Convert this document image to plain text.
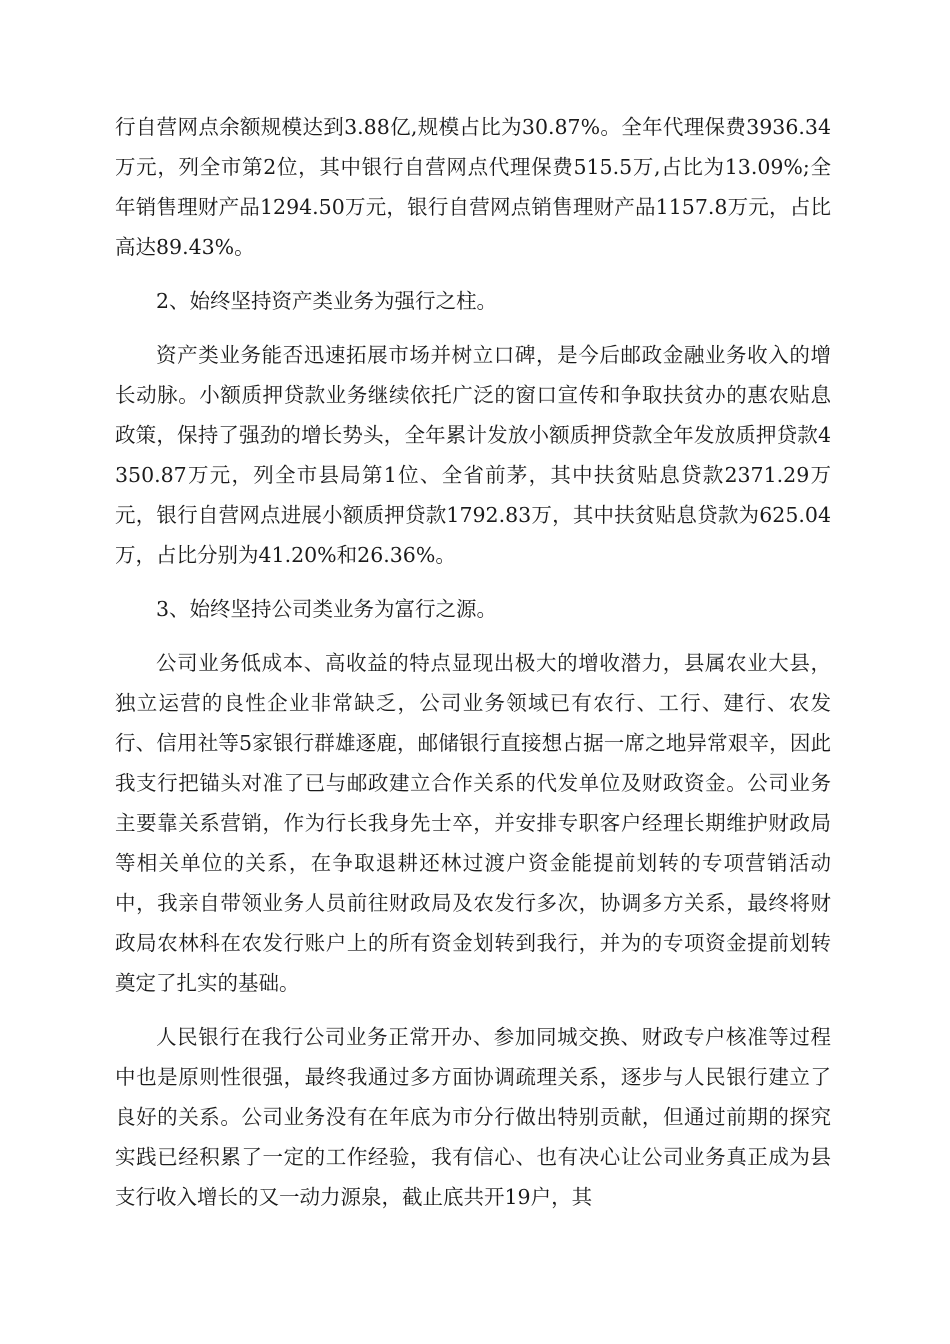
行自营网点余额规模达到3.88亿,规模占比为30.87%。全年代理保费3936.34万元，列全市第2位，其中银行自营网点代理保费515.5万,占比为13.09%;全年销售理财产品1294.50万元，银行自营网点销售理财产品1157.8万元，占比高达89.43%。

2、始终坚持资产类业务为强行之柱。

资产类业务能否迅速拓展市场并树立口碑，是今后邮政金融业务收入的增长动脉。小额质押贷款业务继续依托广泛的窗口宣传和争取扶贫办的惠农贴息政策，保持了强劲的增长势头，全年累计发放小额质押贷款全年发放质押贷款4350.87万元，列全市县局第1位、全省前茅，其中扶贫贴息贷款2371.29万元，银行自营网点进展小额质押贷款1792.83万，其中扶贫贴息贷款为625.04万，占比分别为41.20%和26.36%。

3、始终坚持公司类业务为富行之源。

公司业务低成本、高收益的特点显现出极大的增收潜力，县属农业大县，独立运营的良性企业非常缺乏，公司业务领域已有农行、工行、建行、农发行、信用社等5家银行群雄逐鹿，邮储银行直接想占据一席之地异常艰辛，因此我支行把锚头对准了已与邮政建立合作关系的代发单位及财政资金。公司业务主要靠关系营销，作为行长我身先士卒，并安排专职客户经理长期维护财政局等相关单位的关系，在争取退耕还林过渡户资金能提前划转的专项营销活动中，我亲自带领业务人员前往财政局及农发行多次，协调多方关系，最终将财政局农林科在农发行账户上的所有资金划转到我行，并为的专项资金提前划转奠定了扎实的基础。

人民银行在我行公司业务正常开办、参加同城交换、财政专户核准等过程中也是原则性很强，最终我通过多方面协调疏理关系，逐步与人民银行建立了良好的关系。公司业务没有在年底为市分行做出特别贡献，但通过前期的探究实践已经积累了一定的工作经验，我有信心、也有决心让公司业务真正成为县支行收入增长的又一动力源泉，截止底共开19户，其
